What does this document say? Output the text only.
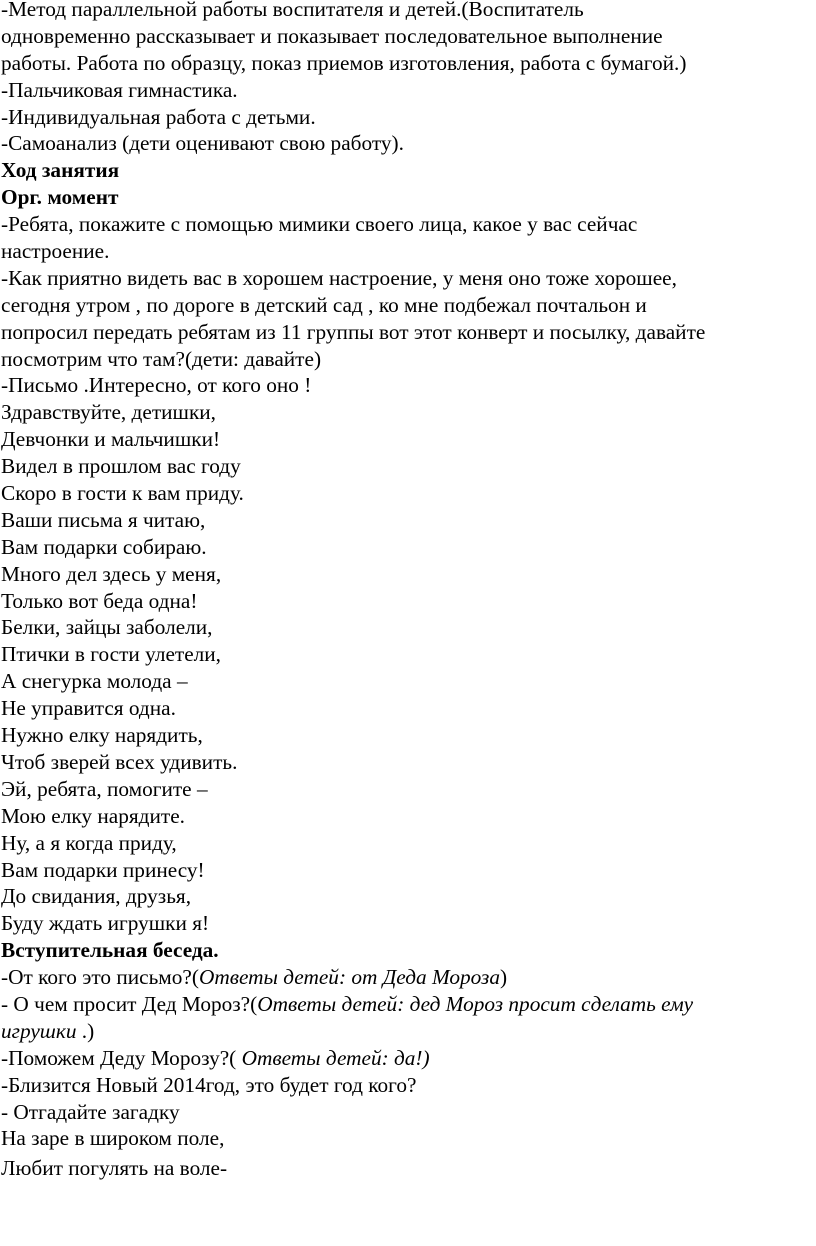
-Метод параллельной работы воспитателя и детей.(Воспитатель

одновременно рассказывает и показывает последовательное выполнение

работы. Работа по образцу, показ приемов изготовления, работа с бумагой.)

-Пальчиковая гимнастика.

-Индивидуальная работа с детьми.

-Самоанализ (дети оценивают свою работу).

Ход занятия

Орг. момент

-Ребята, покажите с помощью мимики своего лица, какое у вас сейчас

настроение.

-Как приятно видеть вас в хорошем настроение, у меня оно тоже хорошее,

сегодня утром , по дороге в детский сад , ко мне подбежал почтальон и

попросил передать ребятам из 11 группы вот этот конверт и посылку, давайте

посмотрим что там?(дети: давайте)

-Письмо .Интересно, от кого оно !

Здравствуйте, детишки,

Девчонки и мальчишки!

Видел в прошлом вас году

Скоро в гости к вам приду.

Ваши письма я читаю,

Вам подарки собираю.

Много дел здесь у меня,

Только вот беда одна!

Белки, зайцы заболели,

Птички в гости улетели,

А снегурка молода –

Не управится одна.

Нужно елку нарядить,

Чтоб зверей всех удивить.

Эй, ребята, помогите –

Мою елку нарядите.

Ну, а я когда приду,

Вам подарки принесу!

До свидания, друзья,

Буду ждать игрушки я!

Вступительная беседа.

-От кого это письмо?(Ответы детей: от Деда Мороза)

- О чем просит Дед Мороз?(Ответы детей: дед Мороз просит сделать ему

игрушки .)

-Поможем Деду Морозу?( Ответы детей: да!)

-Близится Новый 2014год, это будет год кого?

- Отгадайте загадку

На заре в широком поле,

Любит погулять на воле-
